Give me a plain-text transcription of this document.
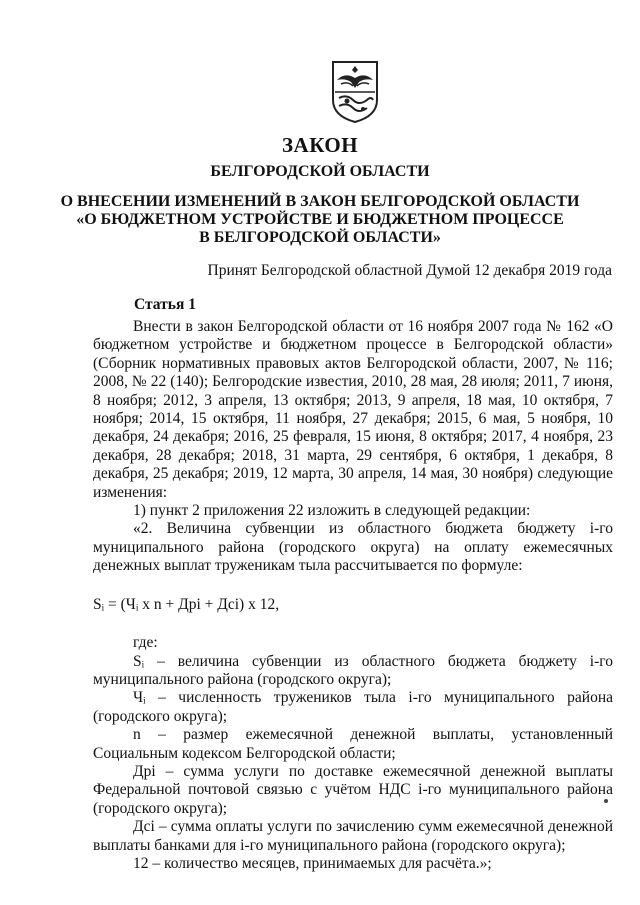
ЗАКОН
БЕЛГОРОДСКОЙ ОБЛАСТИ
О ВНЕСЕНИИ ИЗМЕНЕНИЙ В ЗАКОН БЕЛГОРОДСКОЙ ОБЛАСТИ
«О БЮДЖЕТНОМ УСТРОЙСТВЕ И БЮДЖЕТНОМ ПРОЦЕССЕ
В БЕЛГОРОДСКОЙ ОБЛАСТИ»
Принят Белгородской областной Думой 12 декабря 2019 года
Статья 1

Внести в закон Белгородской области от 16 ноября 2007 года № 162 «О бюджетном устройстве и бюджетном процессе в Белгородской области» (Сборник нормативных правовых актов Белгородской области, 2007, № 116; 2008, № 22 (140); Белгородские известия, 2010, 28 мая, 28 июля; 2011, 7 июня, 8 ноября; 2012, 3 апреля, 13 октября; 2013, 9 апреля, 18 мая, 10 октября, 7 ноября; 2014, 15 октября, 11 ноября, 27 декабря; 2015, 6 мая, 5 ноября, 10 декабря, 24 декабря; 2016, 25 февраля, 15 июня, 8 октября; 2017, 4 ноября, 23 декабря, 28 декабря; 2018, 31 марта, 29 сентября, 6 октября, 1 декабря, 8 декабря, 25 декабря; 2019, 12 марта, 30 апреля, 14 мая, 30 ноября) следующие изменения:

1) пункт 2 приложения 22 изложить в следующей редакции:

«2. Величина субвенции из областного бюджета бюджету i-го муниципального района (городского округа) на оплату ежемесячных денежных выплат труженикам тыла рассчитывается по формуле:

Sᵢ = (Чᵢ x n + Дpi + Дci) x 12,

где:

Sᵢ – величина субвенции из областного бюджета бюджету i-го муниципального района (городского округа);

Чᵢ – численность тружеников тыла i-го муниципального района (городского округа);

n – размер ежемесячной денежной выплаты, установленный Социальным кодексом Белгородской области;

Дpi – сумма услуги по доставке ежемесячной денежной выплаты Федеральной почтовой связью с учётом НДС i-го муниципального района (городского округа);

Дci – сумма оплаты услуги по зачислению сумм ежемесячной денежной выплаты банками для i-го муниципального района (городского округа);

12 – количество месяцев, принимаемых для расчёта.»;
